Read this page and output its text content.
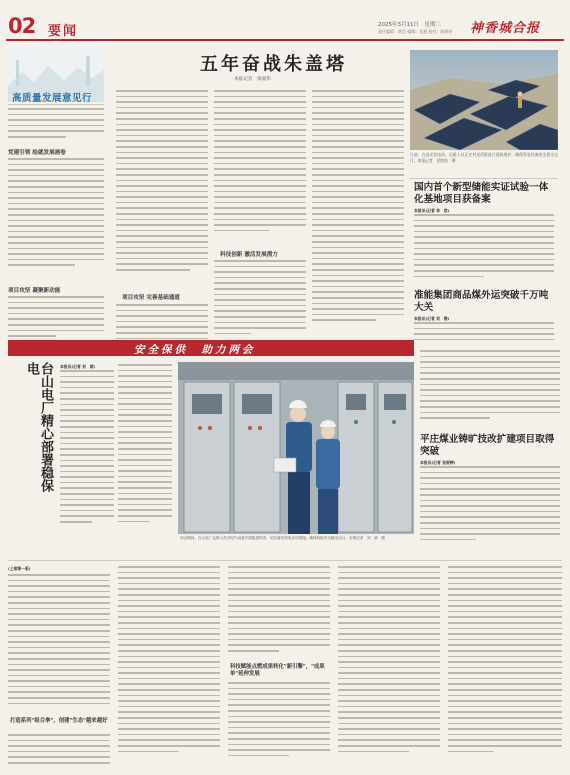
02 要闻	2025年3月11日　星期二
责任编辑：黄芸 编辑：张燕 校对：陈婷婷 神香城合报
高质量发展意见行
党建引领 绘就发展画卷
项目攻坚 凝聚新动能
五年奋战朱盖塔
本报记者　梁嘉伟
项目攻坚 完善基础通道
科技创新 激活发展潜力
日前，在某光伏电站，运维人员正在对光伏板进行巡检维护，确保发电设备安全稳定运行。本报记者　范欣怡　摄
国内首个新型储能实证试验一体化基地项目获备案
本报讯(记者 李　欣)
准能集团商品煤外运突破千万吨大关
本报讯(记者 刘　雅)
安全保供　助力两会
台山电厂精心部署稳保电	本报讯(记者 刘　斌)
两会期间，台山电厂运维人员对电气设备开展隐患排查，切实落实保电各项措施，确保机组安全稳定运行。本报记者　刘　斌　摄
平庄煤业铸旷技改扩建项目取得突破
本报讯(记者 张丽婷)
(上接第一版)
打造系列"组合拳"，创建"生态"越来越好
科技赋能点燃成果转化"新引擎"，"成果单"延伸发展
